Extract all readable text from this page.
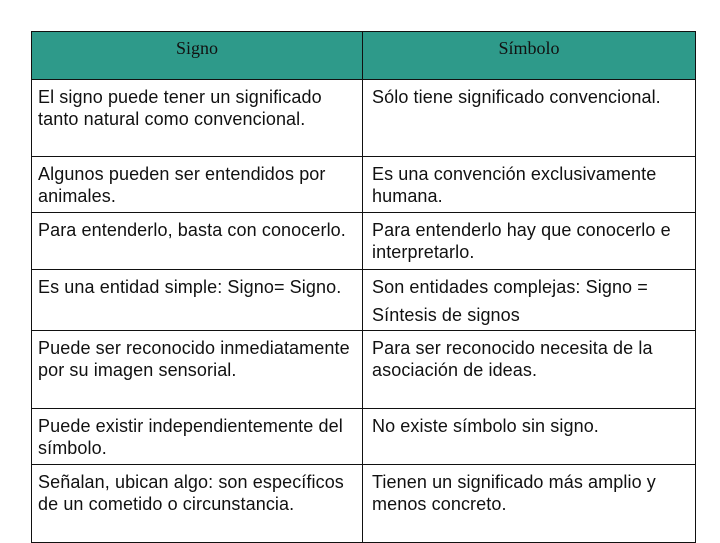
Signo	Símbolo

El signo puede tener un significado tanto natural como convencional.	Sólo tiene significado convencional.

Algunos pueden ser entendidos por animales.	Es una convención exclusivamente humana.

Para entenderlo, basta con conocerlo.	Para entenderlo hay que conocerlo e interpretarlo.

Es una entidad simple: Signo= Signo.	Son entidades complejas: Signo = Síntesis de signos

Puede ser reconocido inmediatamente por su imagen sensorial.	Para ser reconocido necesita de la asociación de ideas.

Puede existir independientemente del símbolo.	No existe símbolo sin signo.

Señalan, ubican algo: son específicos de un cometido o circunstancia.	Tienen un significado más amplio y menos concreto.
